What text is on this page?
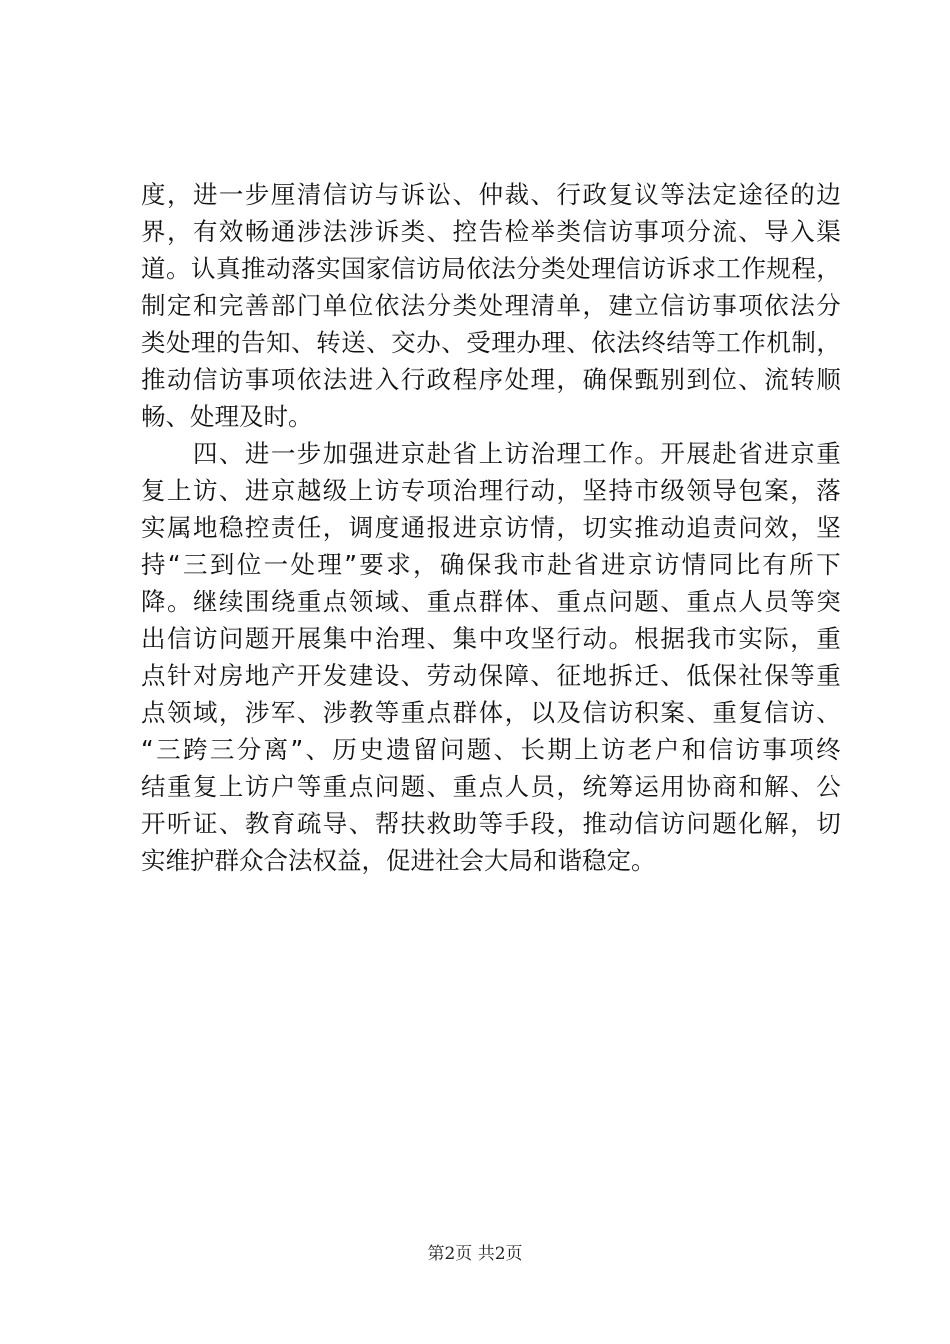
度 ， 进 一 步 厘 清 信 访 与 诉 讼 、 仲 裁 、 行 政 复 议 等 法 定 途 径 的 边
界 ， 有 效 畅 通 涉 法 涉 诉 类 、 控 告 检 举 类 信 访 事 项 分 流 、 导 入 渠
道 。 认 真 推 动 落 实 国 家 信 访 局 依 法 分 类 处 理 信 访 诉 求 工 作 规 程 ，
制 定 和 完 善 部 门 单 位 依 法 分 类 处 理 清 单 ， 建 立 信 访 事 项 依 法 分
类 处 理 的 告 知 、 转 送 、 交 办 、 受 理 办 理 、 依 法 终 结 等 工 作 机 制 ，
推 动 信 访 事 项 依 法 进 入 行 政 程 序 处 理 ， 确 保 甄 别 到 位 、 流 转 顺
畅、处理及时。

四 、 进 一 步 加 强 进 京 赴 省 上 访 治 理 工 作 。 开 展 赴 省 进 京 重
复 上 访 、 进 京 越 级 上 访 专 项 治 理 行 动 ， 坚 持 市 级 领 导 包 案 ， 落
实 属 地 稳 控 责 任 ， 调 度 通 报 进 京 访 情 ， 切 实 推 动 追 责 问 效 ， 坚
持 “ 三 到 位 一 处 理 ” 要 求 ， 确 保 我 市 赴 省 进 京 访 情 同 比 有 所 下
降 。 继 续 围 绕 重 点 领 域 、 重 点 群 体 、 重 点 问 题 、 重 点 人 员 等 突
出 信 访 问 题 开 展 集 中 治 理 、 集 中 攻 坚 行 动 。 根 据 我 市 实 际 ， 重
点 针 对 房 地 产 开 发 建 设 、 劳 动 保 障 、 征 地 拆 迁 、 低 保 社 保 等 重
点 领 域 ， 涉 军 、 涉 教 等 重 点 群 体 ， 以 及 信 访 积 案 、 重 复 信 访 、
“ 三 跨 三 分 离 ” 、 历 史 遗 留 问 题 、 长 期 上 访 老 户 和 信 访 事 项 终
结 重 复 上 访 户 等 重 点 问 题 、 重 点 人 员 ， 统 筹 运 用 协 商 和 解 、 公
开 听 证 、 教 育 疏 导 、 帮 扶 救 助 等 手 段 ， 推 动 信 访 问 题 化 解 ， 切
实维护群众合法权益，促进社会大局和谐稳定。
第2页 共2页
